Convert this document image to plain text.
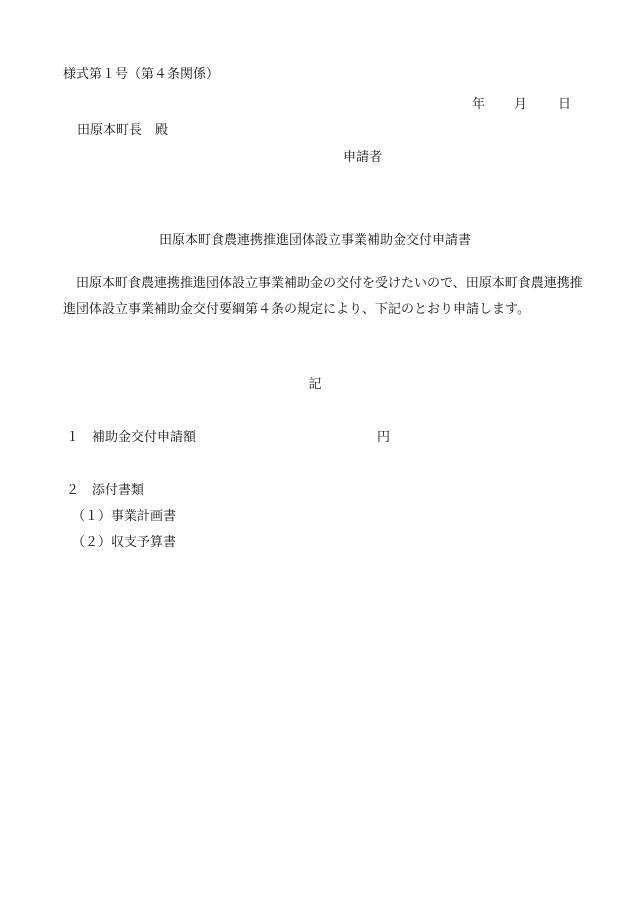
様式第１号（第４条関係）
年 月 日
田原本町長　殿
申請者
田原本町食農連携推進団体設立事業補助金交付申請書
田原本町食農連携推進団体設立事業補助金の交付を受けたいので、田原本町食農連携推進団体設立事業補助金交付要綱第４条の規定により、下記のとおり申請します。
記
１ 補助金交付申請額	円
２ 添付書類
（１）事業計画書
（２）収支予算書
